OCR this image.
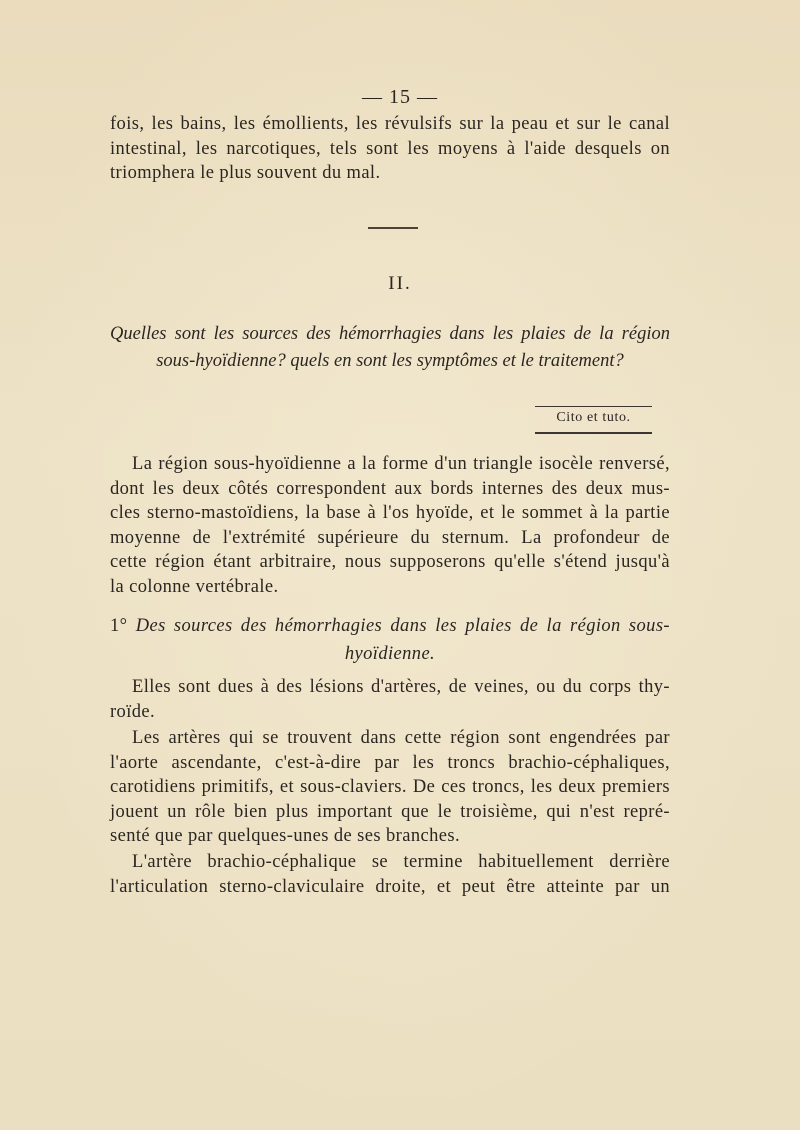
— 15 —
fois, les bains, les émollients, les révulsifs sur la peau et sur le canal
intestinal, les narcotiques, tels sont les moyens à l'aide desquels on
triomphera le plus souvent du mal.
II.
Quelles sont les sources des hémorrhagies dans les plaies de la région
sous-hyoïdienne? quels en sont les symptômes et le traitement?
Cito et tuto.
La région sous-hyoïdienne a la forme d'un triangle isocèle renversé,
dont les deux côtés correspondent aux bords internes des deux mus-
cles sterno-mastoïdiens, la base à l'os hyoïde, et le sommet à la partie
moyenne de l'extrémité supérieure du sternum. La profondeur de
cette région étant arbitraire, nous supposerons qu'elle s'étend jusqu'à
la colonne vertébrale.
1° Des sources des hémorrhagies dans les plaies de la région sous-
hyoïdienne.
Elles sont dues à des lésions d'artères, de veines, ou du corps thy-
roïde.
Les artères qui se trouvent dans cette région sont engendrées par
l'aorte ascendante, c'est-à-dire par les troncs brachio-céphaliques,
carotidiens primitifs, et sous-claviers. De ces troncs, les deux premiers
jouent un rôle bien plus important que le troisième, qui n'est repré-
senté que par quelques-unes de ses branches.
L'artère brachio-céphalique se termine habituellement derrière
l'articulation sterno-claviculaire droite, et peut être atteinte par un
